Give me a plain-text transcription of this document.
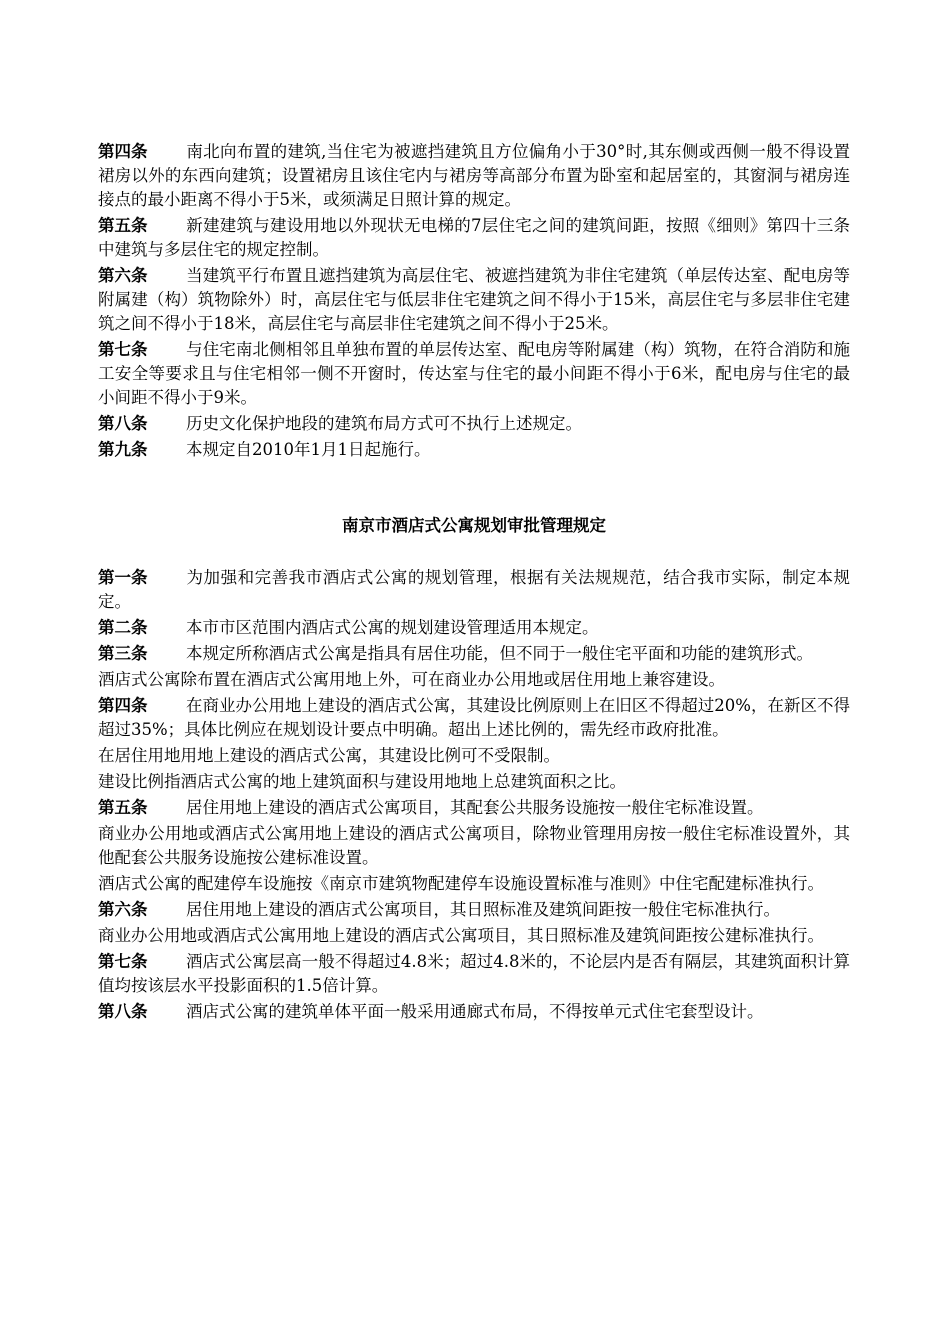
第四条 南北向布置的建筑,当住宅为被遮挡建筑且方位偏角小于30°时,其东侧或西侧一般不得设置裙房以外的东西向建筑；设置裙房且该住宅内与裙房等高部分布置为卧室和起居室的，其窗洞与裙房连接点的最小距离不得小于5米，或须满足日照计算的规定。

第五条 新建建筑与建设用地以外现状无电梯的7层住宅之间的建筑间距，按照《细则》第四十三条中建筑与多层住宅的规定控制。

第六条 当建筑平行布置且遮挡建筑为高层住宅、被遮挡建筑为非住宅建筑（单层传达室、配电房等附属建（构）筑物除外）时，高层住宅与低层非住宅建筑之间不得小于15米，高层住宅与多层非住宅建筑之间不得小于18米，高层住宅与高层非住宅建筑之间不得小于25米。

第七条 与住宅南北侧相邻且单独布置的单层传达室、配电房等附属建（构）筑物，在符合消防和施工安全等要求且与住宅相邻一侧不开窗时，传达室与住宅的最小间距不得小于6米，配电房与住宅的最小间距不得小于9米。

第八条 历史文化保护地段的建筑布局方式可不执行上述规定。

第九条 本规定自2010年1月1日起施行。

南京市酒店式公寓规划审批管理规定

第一条 为加强和完善我市酒店式公寓的规划管理，根据有关法规规范，结合我市实际，制定本规定。

第二条 本市市区范围内酒店式公寓的规划建设管理适用本规定。

第三条 本规定所称酒店式公寓是指具有居住功能，但不同于一般住宅平面和功能的建筑形式。

酒店式公寓除布置在酒店式公寓用地上外，可在商业办公用地或居住用地上兼容建设。

第四条 在商业办公用地上建设的酒店式公寓，其建设比例原则上在旧区不得超过20%，在新区不得超过35%；具体比例应在规划设计要点中明确。超出上述比例的，需先经市政府批准。

在居住用地用地上建设的酒店式公寓，其建设比例可不受限制。

建设比例指酒店式公寓的地上建筑面积与建设用地地上总建筑面积之比。

第五条 居住用地上建设的酒店式公寓项目，其配套公共服务设施按一般住宅标准设置。

商业办公用地或酒店式公寓用地上建设的酒店式公寓项目，除物业管理用房按一般住宅标准设置外，其他配套公共服务设施按公建标准设置。

酒店式公寓的配建停车设施按《南京市建筑物配建停车设施设置标准与准则》中住宅配建标准执行。

第六条 居住用地上建设的酒店式公寓项目，其日照标准及建筑间距按一般住宅标准执行。

商业办公用地或酒店式公寓用地上建设的酒店式公寓项目，其日照标准及建筑间距按公建标准执行。

第七条 酒店式公寓层高一般不得超过4.8米；超过4.8米的，不论层内是否有隔层，其建筑面积计算值均按该层水平投影面积的1.5倍计算。

第八条 酒店式公寓的建筑单体平面一般采用通廊式布局，不得按单元式住宅套型设计。
